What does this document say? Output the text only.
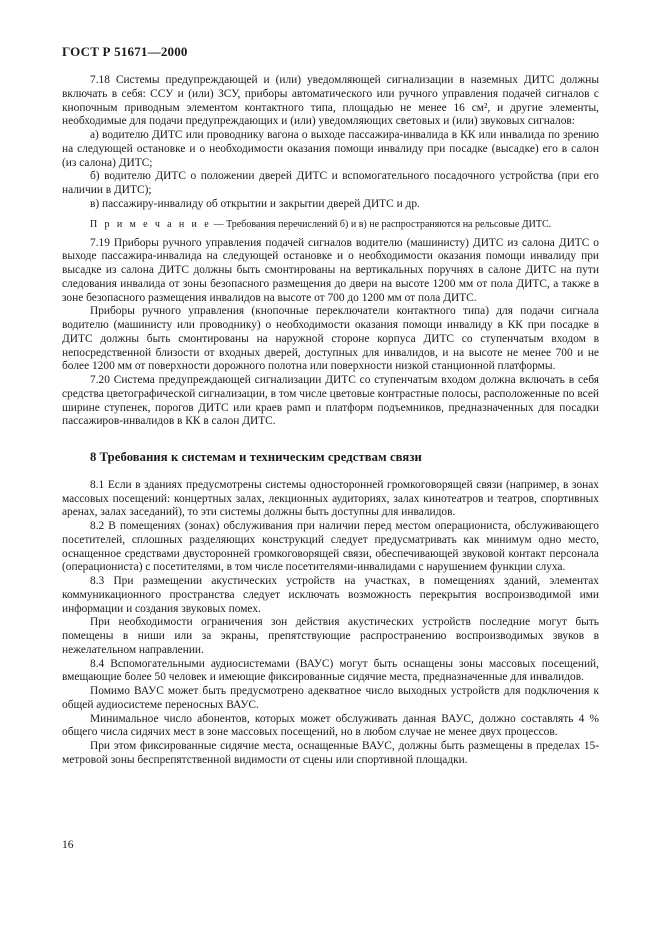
ГОСТ Р 51671—2000

7.18 Системы предупреждающей и (или) уведомляющей сигнализации в наземных ДИТС должны включать в себя: ССУ и (или) ЗСУ, приборы автоматического или ручного управления подачей сигналов с кнопочным приводным элементом контактного типа, площадью не менее 16 см², и другие элементы, необходимые для подачи предупреждающих и (или) уведомляющих световых и (или) звуковых сигналов:

а) водителю ДИТС или проводнику вагона о выходе пассажира-инвалида в КК или инвалида по зрению на следующей остановке и о необходимости оказания помощи инвалиду при посадке (высадке) его в салон (из салона) ДИТС;

б) водителю ДИТС о положении дверей ДИТС и вспомогательного посадочного устройства (при его наличии в ДИТС);

в) пассажиру-инвалиду об открытии и закрытии дверей ДИТС и др.

П р и м е ч а н и е — Требования перечислений б) и в) не распространяются на рельсовые ДИТС.

7.19 Приборы ручного управления подачей сигналов водителю (машинисту) ДИТС из салона ДИТС о выходе пассажира-инвалида на следующей остановке и о необходимости оказания помощи инвалиду при высадке из салона ДИТС должны быть смонтированы на вертикальных поручнях в салоне ДИТС на пути следования инвалида от зоны безопасного размещения до двери на высоте 1200 мм от пола ДИТС, а также в зоне безопасного размещения инвалидов на высоте от 700 до 1200 мм от пола ДИТС.

Приборы ручного управления (кнопочные переключатели контактного типа) для подачи сигнала водителю (машинисту или проводнику) о необходимости оказания помощи инвалиду в КК при посадке в ДИТС должны быть смонтированы на наружной стороне корпуса ДИТС со ступенчатым входом в непосредственной близости от входных дверей, доступных для инвалидов, и на высоте не менее 700 и не более 1200 мм от поверхности дорожного полотна или поверхности низкой станционной платформы.

7.20 Система предупреждающей сигнализации ДИТС со ступенчатым входом должна включать в себя средства цветографической сигнализации, в том числе цветовые контрастные полосы, расположенные по всей ширине ступенек, порогов ДИТС или краев рамп и платформ подъемников, предназначенных для посадки пассажиров-инвалидов в КК в салон ДИТС.

8 Требования к системам и техническим средствам связи

8.1 Если в зданиях предусмотрены системы односторонней громкоговорящей связи (например, в зонах массовых посещений: концертных залах, лекционных аудиториях, залах кинотеатров и театров, спортивных аренах, залах заседаний), то эти системы должны быть доступны для инвалидов.

8.2 В помещениях (зонах) обслуживания при наличии перед местом операциониста, обслуживающего посетителей, сплошных разделяющих конструкций следует предусматривать как минимум одно место, оснащенное средствами двусторонней громкоговорящей связи, обеспечивающей звуковой контакт персонала (операциониста) с посетителями, в том числе посетителями-инвалидами с нарушением функции слуха.

8.3 При размещении акустических устройств на участках, в помещениях зданий, элементах коммуникационного пространства следует исключать возможность перекрытия воспроизводимой ими информации и создания звуковых помех.

При необходимости ограничения зон действия акустических устройств последние могут быть помещены в ниши или за экраны, препятствующие распространению воспроизводимых звуков в нежелательном направлении.

8.4 Вспомогательными аудиосистемами (ВАУС) могут быть оснащены зоны массовых посещений, вмещающие более 50 человек и имеющие фиксированные сидячие места, предназначенные для инвалидов.

Помимо ВАУС может быть предусмотрено адекватное число выходных устройств для подключения к общей аудиосистеме переносных ВАУС.

Минимальное число абонентов, которых может обслуживать данная ВАУС, должно составлять 4 % общего числа сидячих мест в зоне массовых посещений, но в любом случае не менее двух процессов.

При этом фиксированные сидячие места, оснащенные ВАУС, должны быть размещены в пределах 15-метровой зоны беспрепятственной видимости от сцены или спортивной площадки.

16
